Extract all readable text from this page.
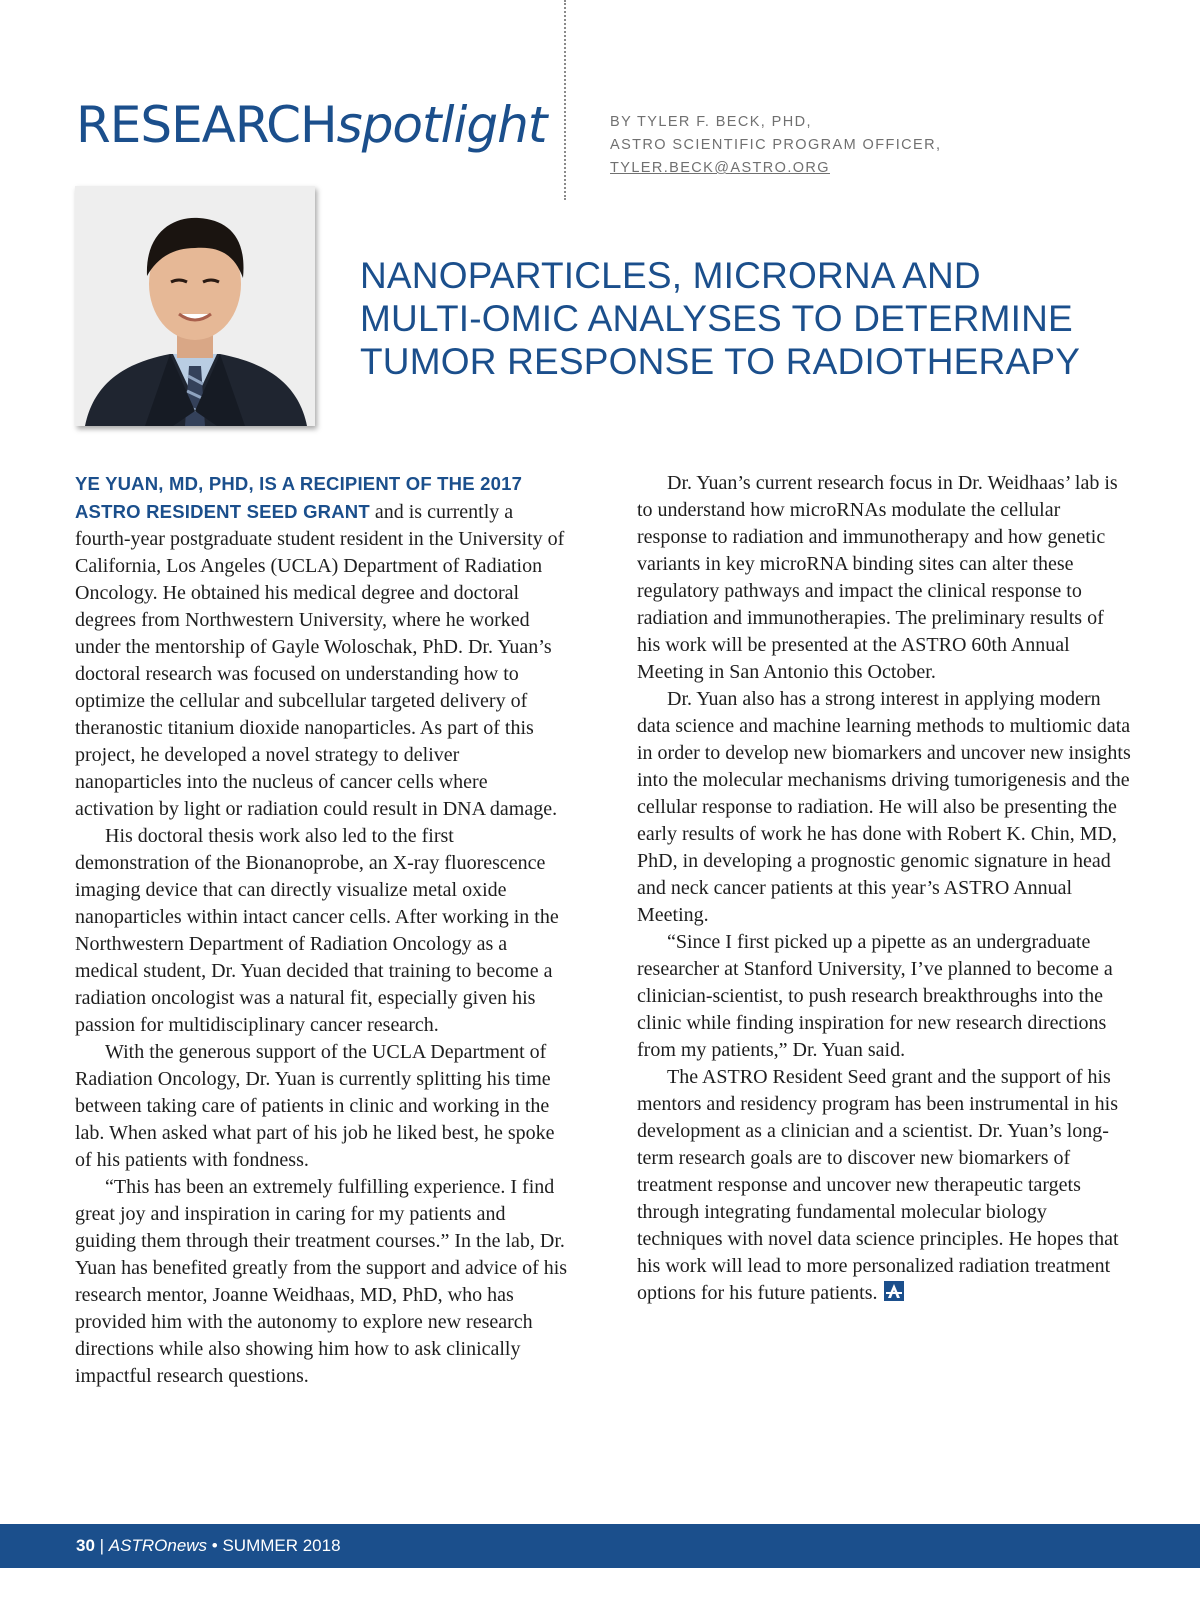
RESEARCHspotlight	BY TYLER F. BECK, PHD,
ASTRO SCIENTIFIC PROGRAM OFFICER,
TYLER.BECK@ASTRO.ORG
NANOPARTICLES, MICRORNA AND
MULTI-OMIC ANALYSES TO DETERMINE
TUMOR RESPONSE TO RADIOTHERAPY

YE YUAN, MD, PHD, IS A RECIPIENT OF THE 2017 ASTRO RESIDENT SEED GRANT and is currently a fourth-year postgraduate student resident in the University of California, Los Angeles (UCLA) Department of Radiation Oncology. He obtained his medical degree and doctoral degrees from Northwestern University, where he worked under the mentorship of Gayle Woloschak, PhD. Dr. Yuan’s doctoral research was focused on understanding how to optimize the cellular and subcellular targeted delivery of theranostic titanium dioxide nanoparticles. As part of this project, he developed a novel strategy to deliver nanoparticles into the nucleus of cancer cells where activation by light or radiation could result in DNA damage.

His doctoral thesis work also led to the first demonstration of the Bionanoprobe, an X-ray fluorescence imaging device that can directly visualize metal oxide nanoparticles within intact cancer cells. After working in the Northwestern Department of Radiation Oncology as a medical student, Dr. Yuan decided that training to become a radiation oncologist was a natural fit, especially given his passion for multidisciplinary cancer research.

With the generous support of the UCLA Department of Radiation Oncology, Dr. Yuan is currently splitting his time between taking care of patients in clinic and working in the lab. When asked what part of his job he liked best, he spoke of his patients with fondness.

“This has been an extremely fulfilling experience. I find great joy and inspiration in caring for my patients and guiding them through their treatment courses.” In the lab, Dr. Yuan has benefited greatly from the support and advice of his research mentor, Joanne Weidhaas, MD, PhD, who has provided him with the autonomy to explore new research directions while also showing him how to ask clinically impactful research questions.

Dr. Yuan’s current research focus in Dr. Weidhaas’ lab is to understand how microRNAs modulate the cellular response to radiation and immunotherapy and how genetic variants in key microRNA binding sites can alter these regulatory pathways and impact the clinical response to radiation and immunotherapies. The preliminary results of his work will be presented at the ASTRO 60th Annual Meeting in San Antonio this October.

Dr. Yuan also has a strong interest in applying modern data science and machine learning methods to multiomic data in order to develop new biomarkers and uncover new insights into the molecular mechanisms driving tumorigenesis and the cellular response to radiation. He will also be presenting the early results of work he has done with Robert K. Chin, MD, PhD, in developing a prognostic genomic signature in head and neck cancer patients at this year’s ASTRO Annual Meeting.

“Since I first picked up a pipette as an undergraduate researcher at Stanford University, I’ve planned to become a clinician-scientist, to push research breakthroughs into the clinic while finding inspiration for new research directions from my patients,” Dr. Yuan said.

The ASTRO Resident Seed grant and the support of his mentors and residency program has been instrumental in his development as a clinician and a scientist. Dr. Yuan’s long-term research goals are to discover new biomarkers of treatment response and uncover new therapeutic targets through integrating fundamental molecular biology techniques with novel data science principles. He hopes that his work will lead to more personalized radiation treatment options for his future patients.

30 | ASTROnews • SUMMER 2018
